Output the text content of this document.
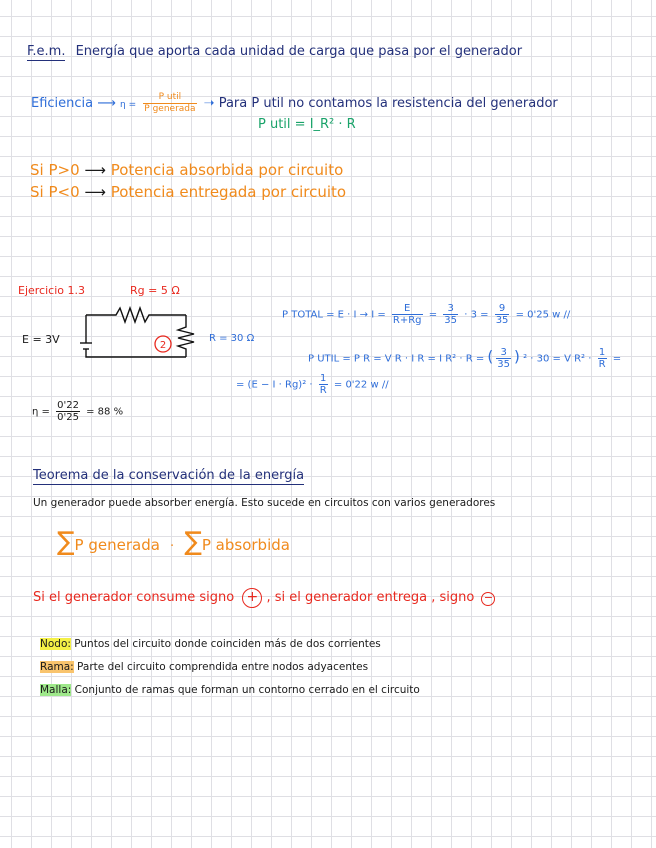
F.e.m. Energía que aporta cada unidad de carga que pasa por el generador
Eficiencia ⟶ $\eta = \frac{\text{P util}}{\text{P generada}}$ ➝ Para P util no contamos la resistencia del generador
P util = I_R² · R
Si P>0 ⟶ Potencia absorbida por circuito
Si P<0 ⟶ Potencia entregada por circuito
Ejercicio 1.3	Rg = 5 Ω
E = 3V	R = 30 Ω
2
P TOTAL = $E \cdot I \to I = \frac{E}{R+Rg} = \frac{3}{35} \cdot 3 = \frac{9}{35} = 0'25$ w //
P UTIL = P R = V R · I R = I R² · R = ( $\frac{3}{35}$ ) ² · 30 = V $R^2 \cdot \frac{1}{R}$ =
= $(E - I \cdot Rg)^2 \cdot \frac{1}{R} = 0'22$ w //
$\eta = \frac{0'22}{0'25} = 88$ %
Teorema de la conservación de la energía
Un generador puede absorber energía. Esto sucede en circuitos con varios generadores
∑P generada · ∑P absorbida
Si el generador consume signo + , si el generador entrega , signo −
Nodo: Puntos del circuito donde coinciden más de dos corrientes
Rama: Parte del circuito comprendida entre nodos adyacentes
Malla: Conjunto de ramas que forman un contorno cerrado en el circuito
